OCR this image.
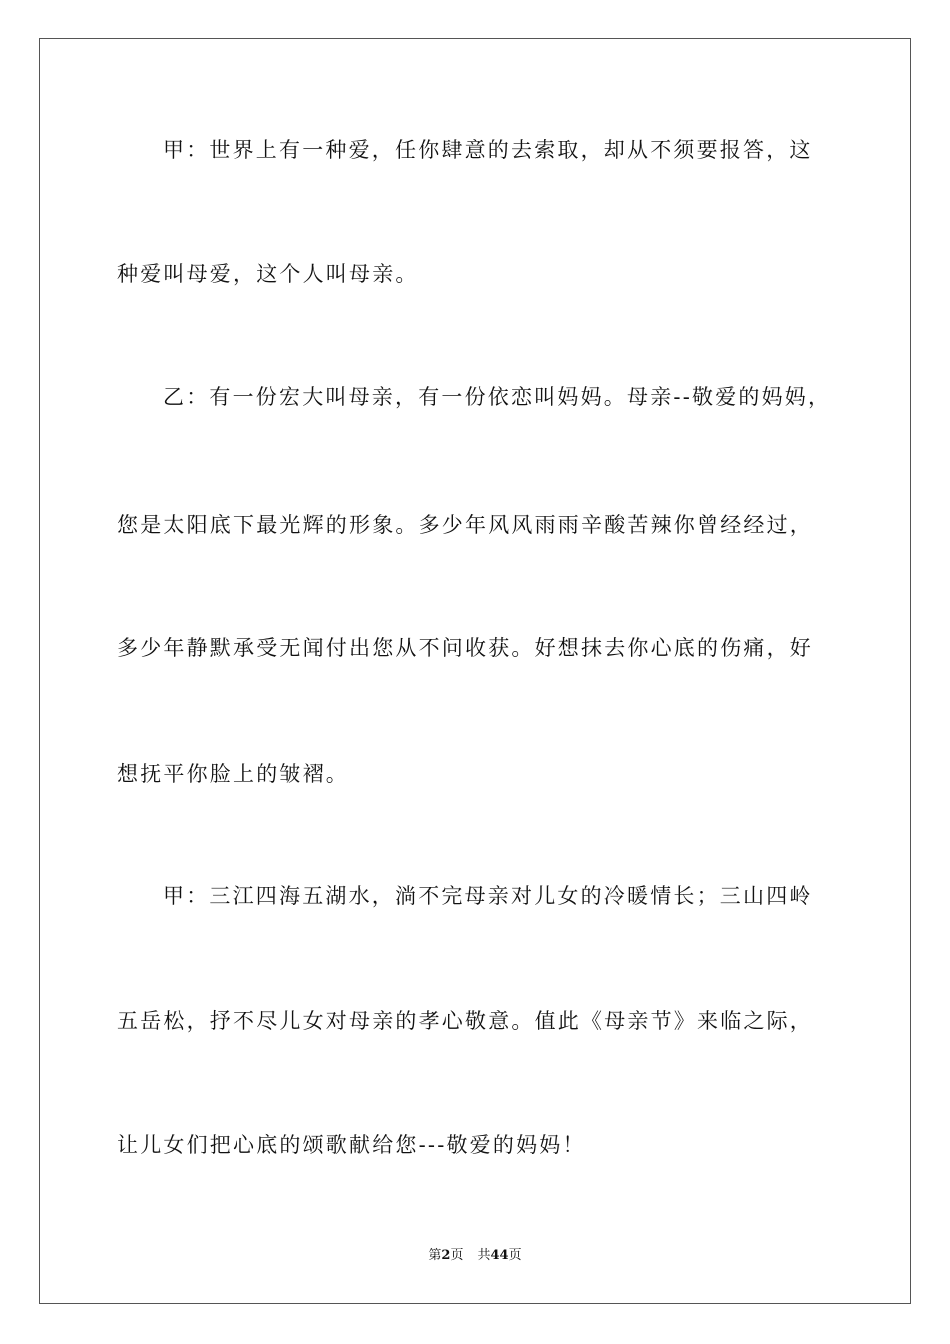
甲：世界上有一种爱，任你肆意的去索取，却从不须要报答，这
种爱叫母爱，这个人叫母亲。
乙：有一份宏大叫母亲，有一份依恋叫妈妈。母亲--敬爱的妈妈，
您是太阳底下最光辉的形象。多少年风风雨雨辛酸苦辣你曾经经过，
多少年静默承受无闻付出您从不问收获。好想抹去你心底的伤痛，好
想抚平你脸上的皱褶。
甲：三江四海五湖水，淌不完母亲对儿女的冷暖情长；三山四岭
五岳松，抒不尽儿女对母亲的孝心敬意。值此《母亲节》来临之际，
让儿女们把心底的颂歌献给您---敬爱的妈妈！
第2页 共44页
